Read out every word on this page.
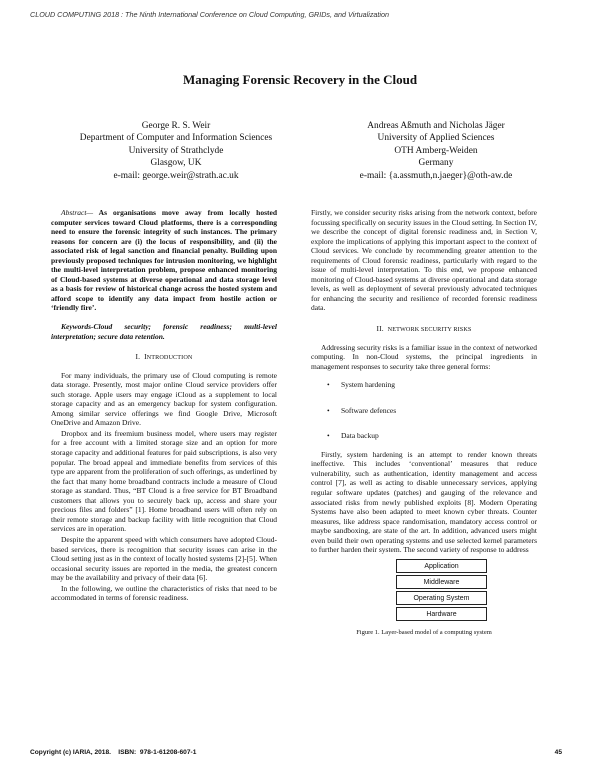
CLOUD COMPUTING 2018 : The Ninth International Conference on Cloud Computing, GRIDs, and Virtualization
Managing Forensic Recovery in the Cloud
George R. S. Weir
Department of Computer and Information Sciences
University of Strathclyde
Glasgow, UK
e-mail: george.weir@strath.ac.uk
Andreas Aßmuth and Nicholas Jäger
University of Applied Sciences
OTH Amberg-Weiden
Germany
e-mail: {a.assmuth,n.jaeger}@oth-aw.de

Abstract— As organisations move away from locally hosted computer services toward Cloud platforms, there is a corresponding need to ensure the forensic integrity of such instances. The primary reasons for concern are (i) the locus of responsibility, and (ii) the associated risk of legal sanction and financial penalty. Building upon previously proposed techniques for intrusion monitoring, we highlight the multi-level interpretation problem, propose enhanced monitoring of Cloud-based systems at diverse operational and data storage level as a basis for review of historical change across the hosted system and afford scope to identify any data impact from hostile action or ‘friendly fire’.

Keywords-Cloud security; forensic readiness; multi-level interpretation; secure data retention.

I. INTRODUCTION

For many individuals, the primary use of Cloud computing is remote data storage. Presently, most major online Cloud service providers offer such storage. Apple users may engage iCloud as a supplement to local storage capacity and as an emergency backup for system configuration. Among similar service offerings we find Google Drive, Microsoft OneDrive and Amazon Drive.

Dropbox and its freemium business model, where users may register for a free account with a limited storage size and an option for more storage capacity and additional features for paid subscriptions, is also very popular. The broad appeal and immediate benefits from services of this type are apparent from the proliferation of such offerings, as underlined by the fact that many home broadband contracts include a measure of Cloud storage as standard. Thus, “BT Cloud is a free service for BT Broadband customers that allows you to securely back up, access and share your precious files and folders” [1]. Home broadband users will often rely on their remote storage and backup facility with little recognition that Cloud services are in operation.

Despite the apparent speed with which consumers have adopted Cloud-based services, there is recognition that security issues can arise in the Cloud setting just as in the context of locally hosted systems [2]-[5]. When occasional security issues are reported in the media, the greatest concern may be the availability and privacy of their data [6].

In the following, we outline the characteristics of risks that need to be accommodated in terms of forensic readiness.

Firstly, we consider security risks arising from the network context, before focussing specifically on security issues in the Cloud setting. In Section IV, we describe the concept of digital forensic readiness and, in Section V, explore the implications of applying this important aspect to the context of Cloud services. We conclude by recommending greater attention to the requirements of Cloud forensic readiness, particularly with regard to the issue of multi-level interpretation. To this end, we propose enhanced monitoring of Cloud-based systems at diverse operational and data storage levels, as well as deployment of several previously advocated techniques for enhancing the security and resilience of recorded forensic readiness data.

II. NETWORK SECURITY RISKS

Addressing security risks is a familiar issue in the context of networked computing. In non-Cloud systems, the principal ingredients in management responses to security take three general forms:

• System hardening
• Software defences
• Data backup

Firstly, system hardening is an attempt to render known threats ineffective. This includes ‘conventional’ measures that reduce vulnerability, such as authentication, identity management and access control [7], as well as acting to disable unnecessary services, applying regular software updates (patches) and gauging of the relevance and associated risks from newly published exploits [8]. Modern Operating Systems have also been adapted to meet known cyber threats. Counter measures, like address space randomisation, mandatory access control or maybe sandboxing, are state of the art. In addition, advanced users might even build their own operating systems and use selected kernel parameters to further harden their system. The second variety of response to address

Application
Middleware
Operating System
Hardware
Figure 1. Layer-based model of a computing system
Copyright (c) IARIA, 2018.    ISBN:  978-1-61208-607-1	45
